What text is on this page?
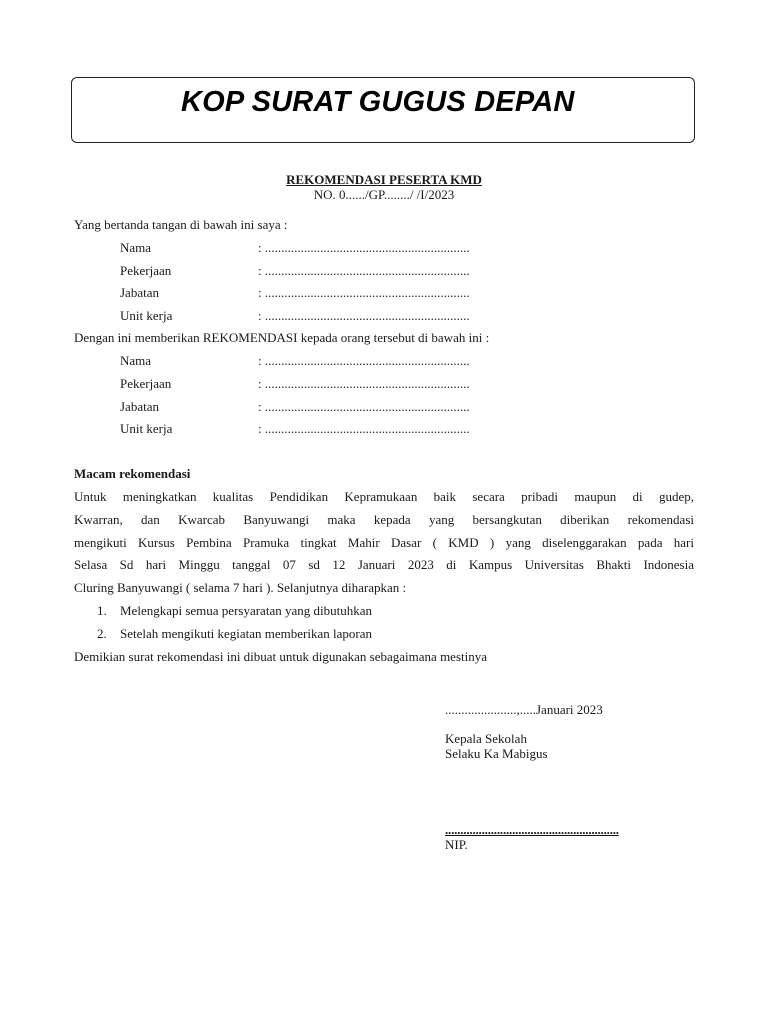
KOP SURAT GUGUS DEPAN
REKOMENDASI PESERTA KMD
NO. 0....../GP......../ /I/2023
Yang bertanda tangan di bawah ini saya :
Nama	: ...............................................................
Pekerjaan	: ...............................................................
Jabatan	: ...............................................................
Unit kerja	: ...............................................................
Dengan ini memberikan REKOMENDASI kepada orang tersebut di bawah ini :
Nama	: ...............................................................
Pekerjaan	: ...............................................................
Jabatan	: ...............................................................
Unit kerja	: ...............................................................
Macam rekomendasi
Untuk meningkatkan kualitas Pendidikan Kepramukaan baik secara pribadi maupun di gudep,
Kwarran, dan Kwarcab Banyuwangi maka kepada yang bersangkutan diberikan rekomendasi
mengikuti Kursus Pembina Pramuka tingkat Mahir Dasar ( KMD ) yang diselenggarakan pada hari
Selasa Sd hari Minggu tanggal 07 sd 12 Januari 2023 di Kampus Universitas Bhakti Indonesia
Cluring Banyuwangi ( selama 7 hari ). Selanjutnya diharapkan :
1. Melengkapi semua persyaratan yang dibutuhkan
2. Setelah mengikuti kegiatan memberikan laporan
Demikian surat rekomendasi ini dibuat untuk digunakan sebagaimana mestinya
......................,.....Januari 2023
Kepala Sekolah
Selaku Ka Mabigus
.........................................................
NIP.
